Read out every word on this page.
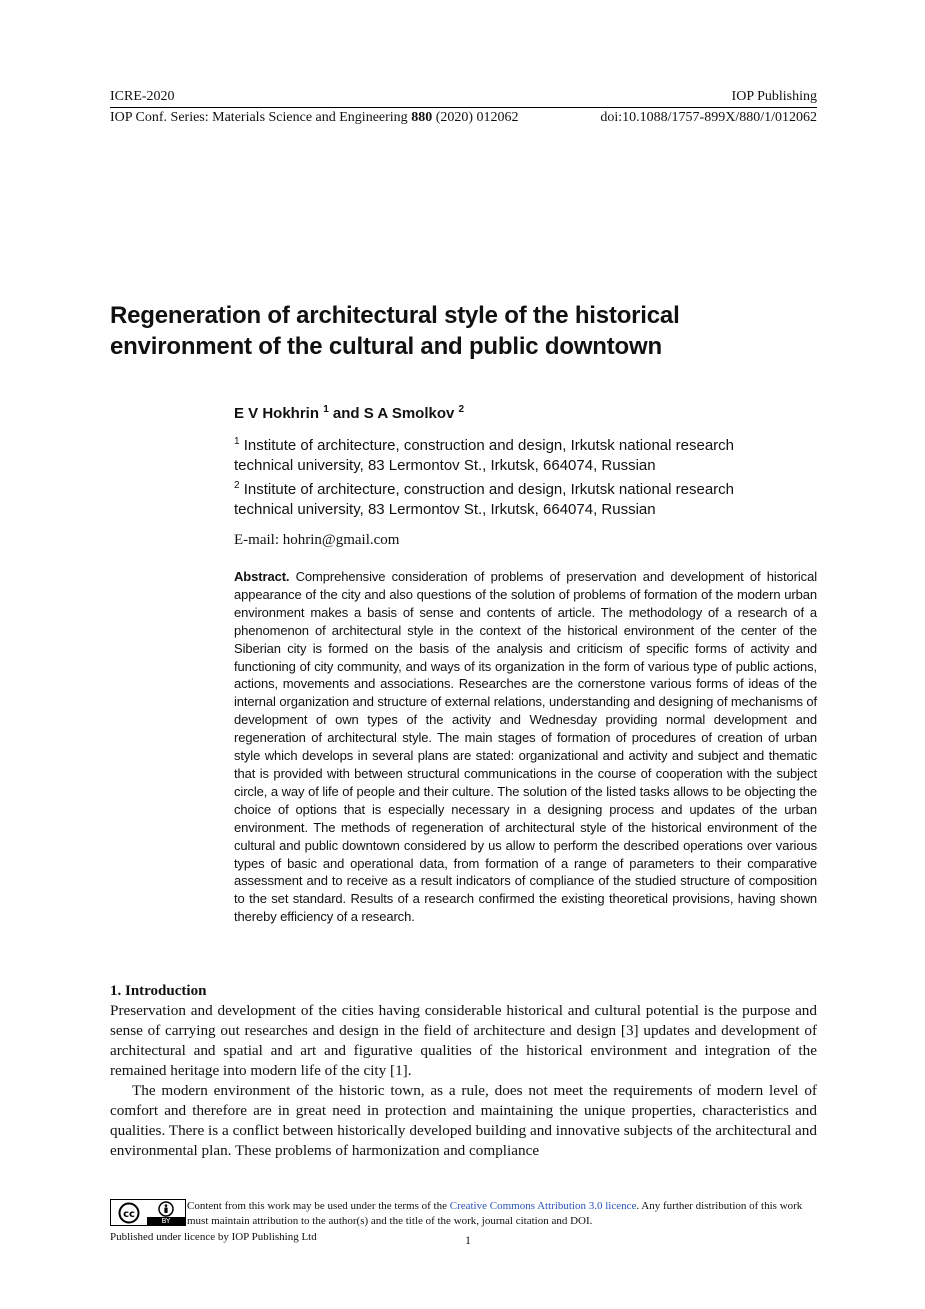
ICRE-2020	IOP Publishing
IOP Conf. Series: Materials Science and Engineering 880 (2020) 012062	doi:10.1088/1757-899X/880/1/012062
Regeneration of architectural style of the historical environment of the cultural and public downtown
E V Hokhrin $^1$ and S A Smolkov $^2$
$^1$ Institute of architecture, construction and design, Irkutsk national research technical university, 83 Lermontov St., Irkutsk, 664074, Russian
$^2$ Institute of architecture, construction and design, Irkutsk national research technical university, 83 Lermontov St., Irkutsk, 664074, Russian
E-mail: hohrin@gmail.com
Abstract. Comprehensive consideration of problems of preservation and development of historical appearance of the city and also questions of the solution of problems of formation of the modern urban environment makes a basis of sense and contents of article. The methodology of a research of a phenomenon of architectural style in the context of the historical environment of the center of the Siberian city is formed on the basis of the analysis and criticism of specific forms of activity and functioning of city community, and ways of its organization in the form of various type of public actions, actions, movements and associations. Researches are the cornerstone various forms of ideas of the internal organization and structure of external relations, understanding and designing of mechanisms of development of own types of the activity and Wednesday providing normal development and regeneration of architectural style. The main stages of formation of procedures of creation of urban style which develops in several plans are stated: organizational and activity and subject and thematic that is provided with between structural communications in the course of cooperation with the subject circle, a way of life of people and their culture. The solution of the listed tasks allows to be objecting the choice of options that is especially necessary in a designing process and updates of the urban environment. The methods of regeneration of architectural style of the historical environment of the cultural and public downtown considered by us allow to perform the described operations over various types of basic and operational data, from formation of a range of parameters to their comparative assessment and to receive as a result indicators of compliance of the studied structure of composition to the set standard. Results of a research confirmed the existing theoretical provisions, having shown thereby efficiency of a research.
1. Introduction

Preservation and development of the cities having considerable historical and cultural potential is the purpose and sense of carrying out researches and design in the field of architecture and design [3] updates and development of architectural and spatial and art and figurative qualities of the historical environment and integration of the remained heritage into modern life of the city [1].

The modern environment of the historic town, as a rule, does not meet the requirements of modern level of comfort and therefore are in great need in protection and maintaining the unique properties, characteristics and qualities. There is a conflict between historically developed building and innovative subjects of the architectural and environmental plan. These problems of harmonization and compliance

cc
BY
Content from this work may be used under the terms of the Creative Commons Attribution 3.0 licence. Any further distribution of this work must maintain attribution to the author(s) and the title of the work, journal citation and DOI.
Published under licence by IOP Publishing Ltd	1
